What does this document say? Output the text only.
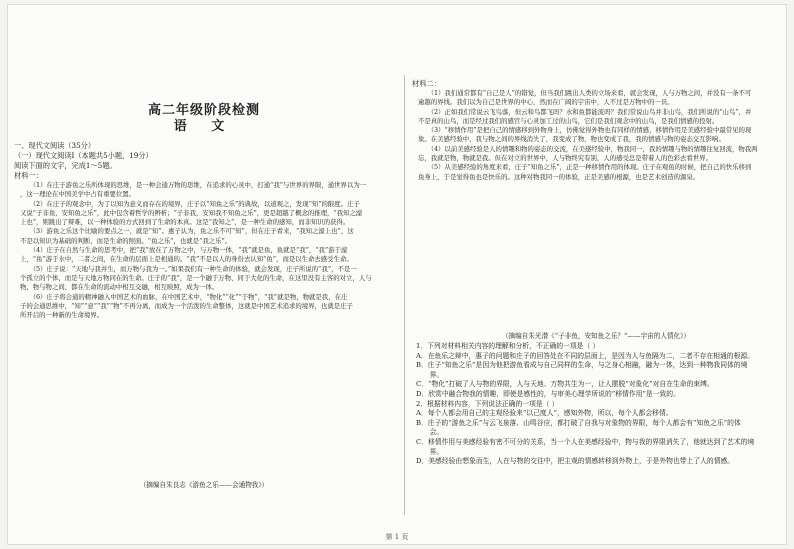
高二年级阶段检测
语 文
一、现代文阅读（35分）
（一）现代文阅读Ⅰ（本题共5小题，19分）
阅读下面的文字，完成1～5题。
材料一：
　　（1）在庄子游鱼之乐所体现的思维，是一种会通万物的思维，在追求的心灵中，打通“我”与世界的界限，通世界以为一
，这一理论在中国美学中占有重要位置。
　　（2）在庄子的观念中，为了以知为意义而存在的境界，庄子以“知鱼之乐”的典故，以道观之，发现“知”的限度。庄子
又说“子非鱼，安知鱼之乐”，此中包含着哲学的辨析；“子非我，安知我不知鱼之乐”，更是超越了概念的推理，“我知之濠
上也”，则跳出了辩难，以一种体验的方式回到了生命的本真。这是“我知之”，是一种生命的感知，而非知识的获得。
　　（3）游鱼之乐这个比喻的要点之一，就是“知”。惠子认为，鱼之乐不可“知”，但在庄子看来，“我知之濠上也”，这
不是以知识为基础的判断，而是生命的照面。“鱼之乐”，也就是“我之乐”。
　　（4）庄子在自然与生命的思考中，把“我”放在了万物之中，与万物一体，“我”就是鱼，鱼就是“我”，“我”游于濠
上，“鱼”游于水中，二者之间，在生命的层面上是相通的。“我”不是以人的身份去认知“鱼”，而是以生命去感受生命。
　　（5）庄子说：“天地与我并生，而万物与我为一。”如果我们有一种生命的体验，就会发现，庄子所说的“我”，不是一
个孤立的个体，而是与天地万物同在的生命。庄子的“我”，是一个融于万物、同于大化的生命，在这里没有主客的对立，人与
物、物与物之间，都在生命的流动中相互交融，相互映照，成为一体。
　　（6）庄子将会通的精神融入中国艺术的血脉，在中国艺术中，“物化”“化”“于物”，“我”就是物，物就是我，在庄
子的会通思维中，“知”“意”“我”“物”不再分离，而成为一个活泼的生命整体，这就是中国艺术追求的境界，也就是庄子
所开启的一种新的生命境界。
（摘编自朱良志《游鱼之乐——会通物我》）
材料二：
　　（1）我们通常都有“自己是人”的错觉，但当我们跳出人类的立场来看，就会发现，人与万物之间，并没有一条不可
逾越的界线。我们以为自己是世界的中心，然而在广阔的宇宙中，人不过是万物中的一员。
　　（2）正如我们常说云飞鸟落，但云和鸟都飞吗？水和鱼都能流吗？我们常说山鸟并非山鸟，我们所说的“山鸟”，并
不是真的山鸟，而是经过我们的感官与心灵加工过的山鸟，它们是我们观念中的山鸟，是我们情感的投射。
　　（3）“移情作用”是把自己的情感移到外物身上，仿佛觉得外物也有同样的情感，移情作用是美感经验中最常见的现
象。在美感经验中，我与物之间的界线消失了，我变成了物，物也变成了我，我的情感与物的姿态交互影响。
　　（4）以前美感经验是人的情趣和物的姿态的交流，在美感经验中，物我同一，我的情趣与物的情趣往复回流，物我两
忘，我就是物，物就是我。但在对立的世界中，人与物终究有别，人的感受总是带着人的色彩去看世界。
　　（5）从美感经验的角度来看，庄子“知鱼之乐”，正是一种移情作用的体现。庄子在观鱼的时候，把自己的快乐移到
鱼身上，于是觉得鱼也是快乐的。这种对物我同一的体验，正是美感的根源，也是艺术创造的源泉。
（摘编自朱光潜《“子非鱼，安知鱼之乐？”——宇宙的人情化》）
1．下列对材料相关内容的理解和分析，不正确的一项是（ ）
A．在鱼乐之辩中，惠子的问题和庄子的回答处在不同的层面上，是因为人与鱼隔为二，二者不存在相通的根源。
B．庄子“知鱼之乐”是因为他把游鱼看成与自己同样的生命，与之身心相融，融为一体，达到一种物我同体的境
　　界。
C．“物化”打破了人与物的界限，人与天地、万物共生为一，让人摆脱“对象化”对自在生命的束缚。
D．欣赏中融合物我的情趣，即使是感性的，与审美心理学所说的“移情作用”是一致的。
2．根据材料内容，下列说法正确的一项是（ ）
A．每个人都会用自己的主观经验来“以己度人”，感知外物，所以，每个人都会移情。
B．庄子的“游鱼之乐”与云飞泉落、山鸣谷应，都打破了自我与对象物的界限，每个人都会有“知鱼之乐”的体
　　会。
C．移情作用与美感经验有密不可分的关系，当一个人在美感经验中，物与我的界限消失了，他就达到了艺术的境
　　界。
D．美感经验由想象而生，人在与物的交往中，把主观的情感转移到外物上，于是外物也带上了人的情感。
第 1 页
